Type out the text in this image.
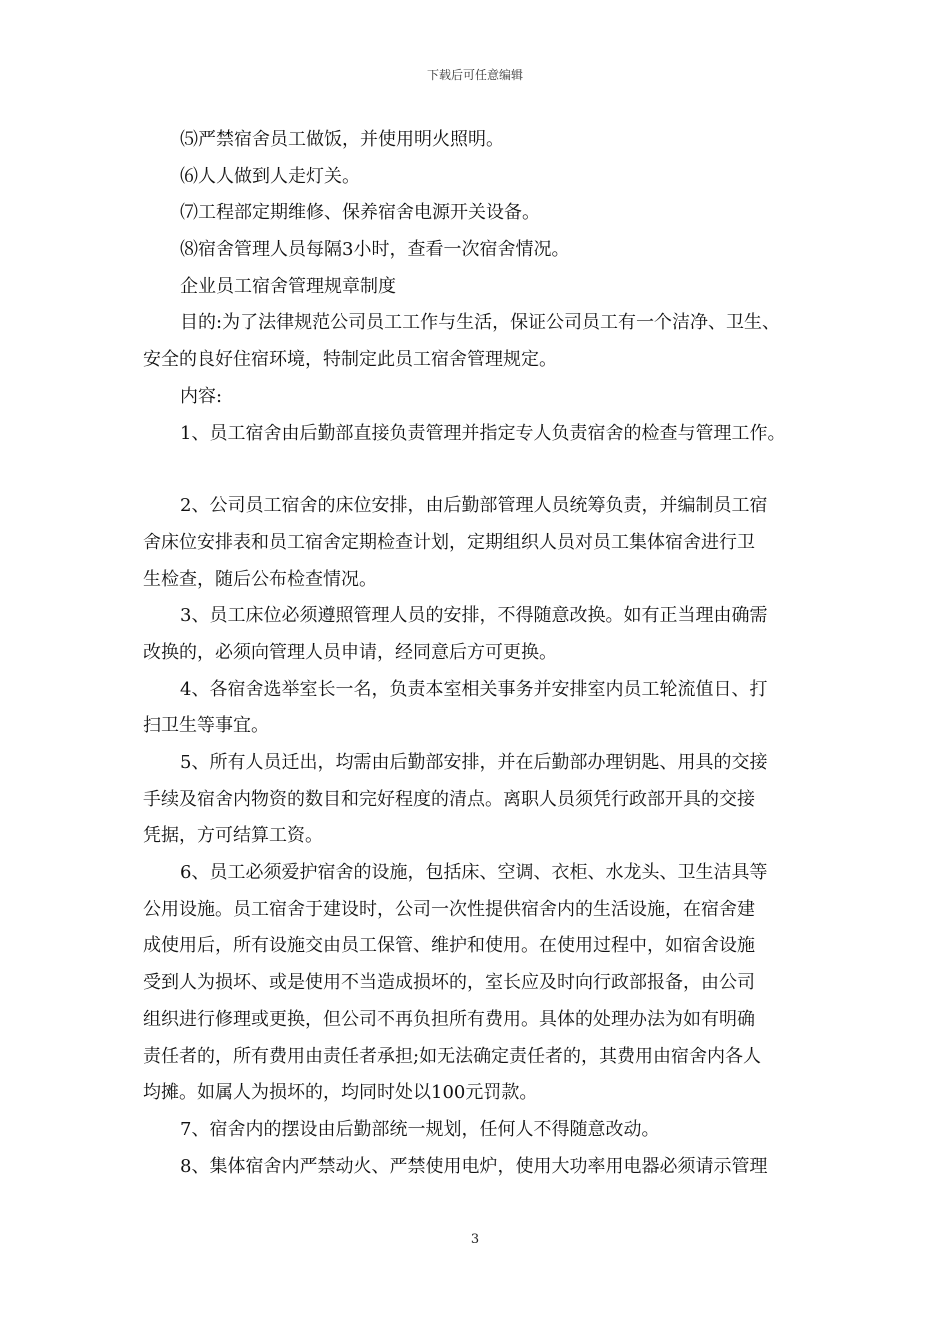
下载后可任意编辑
⑸严禁宿舍员工做饭，并使用明火照明。
⑹人人做到人走灯关。
⑺工程部定期维修、保养宿舍电源开关设备。
⑻宿舍管理人员每隔3小时，查看一次宿舍情况。
企业员工宿舍管理规章制度
目的:为了法律规范公司员工工作与生活，保证公司员工有一个洁净、卫生、
安全的良好住宿环境，特制定此员工宿舍管理规定。
内容:
1、员工宿舍由后勤部直接负责管理并指定专人负责宿舍的检查与管理工作。
2、公司员工宿舍的床位安排，由后勤部管理人员统筹负责，并编制员工宿
舍床位安排表和员工宿舍定期检查计划，定期组织人员对员工集体宿舍进行卫
生检查，随后公布检查情况。
3、员工床位必须遵照管理人员的安排，不得随意改换。如有正当理由确需
改换的，必须向管理人员申请，经同意后方可更换。
4、各宿舍选举室长一名，负责本室相关事务并安排室内员工轮流值日、打
扫卫生等事宜。
5、所有人员迁出，均需由后勤部安排，并在后勤部办理钥匙、用具的交接
手续及宿舍内物资的数目和完好程度的清点。离职人员须凭行政部开具的交接
凭据，方可结算工资。
6、员工必须爱护宿舍的设施，包括床、空调、衣柜、水龙头、卫生洁具等
公用设施。员工宿舍于建设时，公司一次性提供宿舍内的生活设施，在宿舍建
成使用后，所有设施交由员工保管、维护和使用。在使用过程中，如宿舍设施
受到人为损坏、或是使用不当造成损坏的，室长应及时向行政部报备，由公司
组织进行修理或更换，但公司不再负担所有费用。具体的处理办法为如有明确
责任者的，所有费用由责任者承担;如无法确定责任者的，其费用由宿舍内各人
均摊。如属人为损坏的，均同时处以100元罚款。
7、宿舍内的摆设由后勤部统一规划，任何人不得随意改动。
8、集体宿舍内严禁动火、严禁使用电炉，使用大功率用电器必须请示管理
3
